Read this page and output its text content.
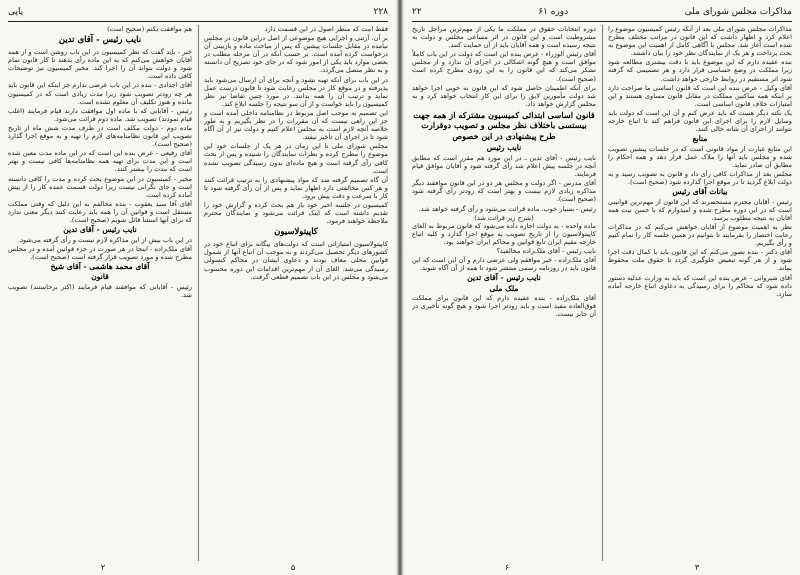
۲۲۸
پاپی

فقط امت که منظر اصول در این قسمت دارد

بر آن، آرتنی و اجرایی هیچ موضوعی از اصل دراین قانون در مجلس نیامده در مقابل جلسات پیشین که پس از مباحث ماده و بازبینی آن درخواست کرده آمده است. بر حسب آنکه در آن مرحله مطلب در بعضی موارد باید یکی از امور شود که در جای خود تصریح آن دانسته و به نظر متصل می‌گردد.

در این باب برای آنکه تهیه نشود و آنچه برای آن ارسال می‌شود باید پذیرفته و در موقع کار در مجلس رعایت شود تا قانون درست عمل نماید و ترتیب آن را همه بدانند. در مورد چنین تقاضا نیز نظر کمیسیون را باید خواست و از آن سو نتیجه را جلسه ابلاغ کند.

این تصمیم به موجب اصل مربوط در نظامنامه داخلی آمده است و جز این راهی نیست که آن مقررات را در نظر بگیریم و به طور خلاصه آنچه لازم است به مجلس اعلام کنیم و دولت نیز از آن آگاه شود تا در اجرای آن تأخیر نیفتد.

مجلس شورای ملی تا این زمان در هر یک از جلسات خود این موضوع را مطرح کرده و نظرات نمایندگان را شنیده و پس از بحث کافی رأی گرفته است و هیچ ماده‌ای بدون رسیدگی تصویب نشده است.

آن گاه تصمیم گرفته شد که مواد پیشنهادی را به ترتیب قرائت کنند و هر کس مخالفتی دارد اظهار نماید و پس از آن رأی گرفته شود تا کار با سرعت و دقت پیش برود.

کمیسیون در جلسه اخیر خود باز هم بحث کرده و گزارش خود را تقدیم داشته است که اینک قرائت می‌شود و نمایندگان محترم ملاحظه خواهند فرمود.

کاپیتولاسیون

کاپیتولاسیون امتیازاتی است که دولت‌های بیگانه برای اتباع خود در کشورهای دیگر تحصیل می‌کردند و به موجب آن اتباع آنها از شمول قوانین محلی معاف بودند و دعاوی ایشان در محاکم کنسولی رسیدگی می‌شد. الغای آن از مهم‌ترین اقدامات این دوره محسوب می‌شود و مجلس در این باب تصمیم قطعی گرفت.

هم موافقت بکنم (صحیح است)

نایب رئیس - آقای تدین

خبر - باید گفت که نظر کمیسیون در این باب روشن است و از همه آقایان خواهش می‌کنم که به این ماده رأی بدهند تا کار قانون تمام شود و دولت بتواند آن را اجرا کند. مخبر کمیسیون نیز توضیحات کافی داده است.

آقای اجدادی - بنده در این باب عرضی ندارم جز اینکه این قانون باید هر چه زودتر تصویب شود زیرا مدت زیادی است که در کمیسیون مانده و هنوز تکلیف آن معلوم نشده است.

رئیس - آقایانی که با ماده اول موافقت دارند قیام فرمایند (اغلب قیام نمودند) تصویب شد. ماده دوم قرائت می‌شود.

ماده دوم - دولت مکلف است در ظرف مدت شش ماه از تاریخ تصویب این قانون نظامنامه‌های لازم را تهیه و به موقع اجرا گذارد (صحیح است).

آقای رفیعی - عرض بنده این است که در این ماده مدت معین شده است و این مدت برای تهیه همه نظامنامه‌ها کافی نیست و بهتر است که مدت را بیشتر کنند.

مخبر - کمیسیون در این موضوع بحث کرده و مدت را کافی دانسته است و جای نگرانی نیست زیرا دولت قسمت عمده کار را از پیش آماده کرده است.

آقای آقا سید یعقوب - بنده مخالفم به این دلیل که وقتی مملکت مستقل است و قوانین آن را همه باید رعایت کنند دیگر معنی ندارد که برای آنها استثنا قائل شویم (صحیح است).

نایب رئیس - آقای تدین

در این باب بیش از این مذاکره لازم نیست و رأی گرفته می‌شود.

آقای ملک‌زاده - اینجا در هر صورت در جزء قوانین آمده و در مجلس مطرح شده و مورد تصویب قرار گرفته است (صحیح است).

آقای محمد هاشمی - آقای شیخ
قانون

رئیس - آقایانی که موافقند قیام فرمایند (اکثر برخاستند) تصویب شد.

۵
۲
مذاکرات مجلس شورای ملی
دوره ۶۱
۲۲

مذاکرات مجلس شورای ملی بعد از آنکه رئیس کمیسیون موضوع را اعلام کرد و اظهار داشت که این قانون در مراتب مختلف مطرح شده است آغاز شد. مجلس با آگاهی کامل از اهمیت این موضوع به بحث پرداخت و هر یک از نمایندگان نظر خود را بیان داشتند.

بنده عقیده دارم که این موضوع باید با دقت بیشتری مطالعه شود زیرا مملکت در وضع حساسی قرار دارد و هر تصمیمی که گرفته شود اثر مستقیم در روابط خارجی خواهد داشت.

آقای وکیل - عرض بنده این است که قانون اساسی ما صراحت دارد بر اینکه همه ساکنین مملکت در مقابل قانون مساوی هستند و این امتیازات خلاف قانون اساسی است.

یک نکته دیگر هست که باید عرض کنم و آن این است که دولت باید وسایل لازم را برای اجرای این قانون فراهم کند تا اتباع خارجه نتوانند از اجرای آن شانه خالی کنند.

منابع

این منابع عبارت از مواد قانونی است که در جلسات پیشین تصویب شده و مجلس باید آنها را ملاک عمل قرار دهد و همه احکام را مطابق آن صادر نماید.

مجلس بعد از مذاکرات کافی رأی داد و قانون به تصویب رسید و به دولت ابلاغ گردید تا در موقع اجرا گذارده شود (صحیح است).

بیانات آقای رئیس

رئیس - آقایان محترم مستحضرند که این قانون از مهم‌ترین قوانینی است که در این دوره مطرح شده و امیدوارم که با حسن نیت همه آقایان به نتیجه مطلوب برسد.

نظر به اهمیت موضوع از آقایان خواهش می‌کنم که در مذاکرات رعایت اختصار را بفرمایند تا بتوانیم در همین جلسه کار را تمام کنیم و رأی بگیریم.

آقای دکتر - بنده تصور می‌کنم که این قانون باید با کمال دقت اجرا شود و از هر گونه تبعیض جلوگیری گردد تا حقوق ملت محفوظ بماند.

آقای شیروانی - عرض بنده این است که باید به وزارت عدلیه دستور داده شود که محاکم را برای رسیدگی به دعاوی اتباع خارجه آماده سازد.

دوره انتخابات حقوق در مملکت ما یکی از مهم‌ترین مراحل تاریخ مشروطیت است و این قانون در اثر مساعی مجلس و دولت به نتیجه رسیده است و همه آقایان باید از آن حمایت کنند.

آقای رئیس الوزراء - عرض بنده این است که دولت در این باب کاملاً موافق است و هیچ گونه اشکالی در اجرای آن ندارد و از مجلس تشکر می‌کند که این قانون را به این زودی مطرح کرده است (صحیح است).

برای آنکه اطمینان حاصل شود که این قانون به خوبی اجرا خواهد شد دولت مأمورین لایق را برای این کار انتخاب خواهد کرد و به مجلس گزارش خواهد داد.

قانون اساسی ابتدائی کمیسیون مشترکه از همه جهت بیستسی باختلاف نظر مجلس و تصویب دوقرارت طرح پیشنهادی در این خصوص
نایب رئیس

نایب رئیس - آقای تدین ـ در این مورد هم مقرر است که مطابق آنچه در جلسه پیش اعلام شد رأی گرفته شود و آقایان موافق قیام فرمایند.

آقای مدرس - اگر دولت و مجلس هر دو در این قانون موافقند دیگر مذاکره زیادی لازم نیست و بهتر است که زودتر رأی گرفته شود (صحیح است).

رئیس - بسیار خوب، ماده قرائت می‌شود و رأی گرفته خواهد شد.

(شرح زیر قرائت شد)

ماده واحده - به دولت اجازه داده می‌شود که قانون مربوط به الغای کاپیتولاسیون را از تاریخ تصویب به موقع اجرا گذارد و کلیه اتباع خارجه مقیم ایران تابع قوانین و محاکم ایران خواهند بود.

نایب رئیس - آقای ملک‌زاده مخالفید؟

آقای ملک‌زاده - خیر موافقم ولی عرضی دارم و آن این است که این قانون باید در روزنامه رسمی منتشر شود تا همه از آن آگاه شوند.

نایب رئیس - آقای تدین
ملک ملی

آقای ملک‌زاده - بنده عقیده دارم که این قانون برای مملکت فوق‌العاده مفید است و باید زودتر اجرا شود و هیچ گونه تأخیری در آن جایز نیست.

۳
۶
